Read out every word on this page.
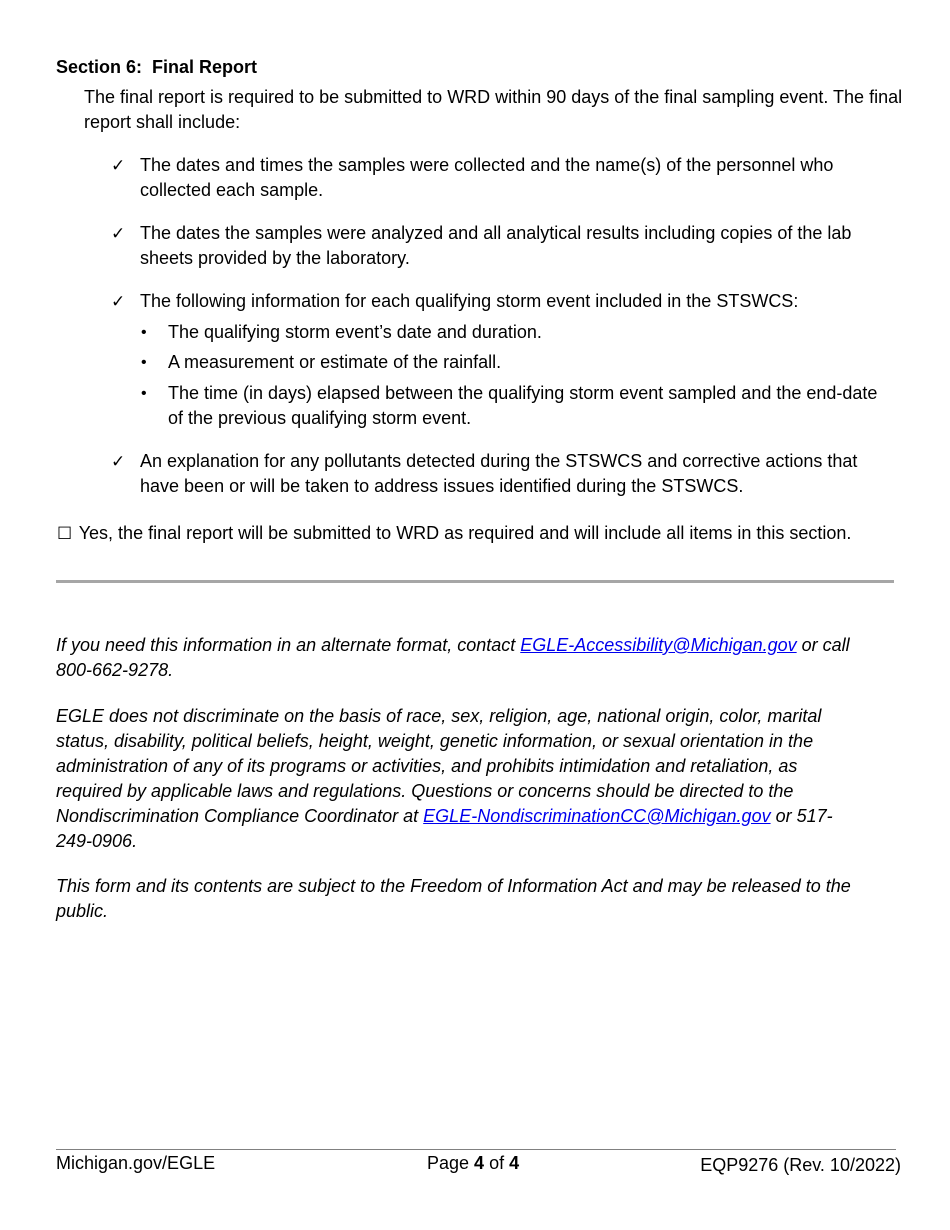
Section 6:  Final Report
The final report is required to be submitted to WRD within 90 days of the final sampling event. The final report shall include:
✓ The dates and times the samples were collected and the name(s) of the personnel who collected each sample.
✓ The dates the samples were analyzed and all analytical results including copies of the lab sheets provided by the laboratory.
✓ The following information for each qualifying storm event included in the STSWCS:
• The qualifying storm event’s date and duration.
• A measurement or estimate of the rainfall.
• The time (in days) elapsed between the qualifying storm event sampled and the end-date of the previous qualifying storm event.
✓ An explanation for any pollutants detected during the STSWCS and corrective actions that have been or will be taken to address issues identified during the STSWCS.
☐ Yes, the final report will be submitted to WRD as required and will include all items in this section.
If you need this information in an alternate format, contact EGLE-Accessibility@Michigan.gov or call 800-662-9278.
EGLE does not discriminate on the basis of race, sex, religion, age, national origin, color, marital status, disability, political beliefs, height, weight, genetic information, or sexual orientation in the administration of any of its programs or activities, and prohibits intimidation and retaliation, as required by applicable laws and regulations. Questions or concerns should be directed to the Nondiscrimination Compliance Coordinator at EGLE-NondiscriminationCC@Michigan.gov or 517- 249-0906.
This form and its contents are subject to the Freedom of Information Act and may be released to the public.
Michigan.gov/EGLE	Page 4 of 4	EQP9276 (Rev. 10/2022)
